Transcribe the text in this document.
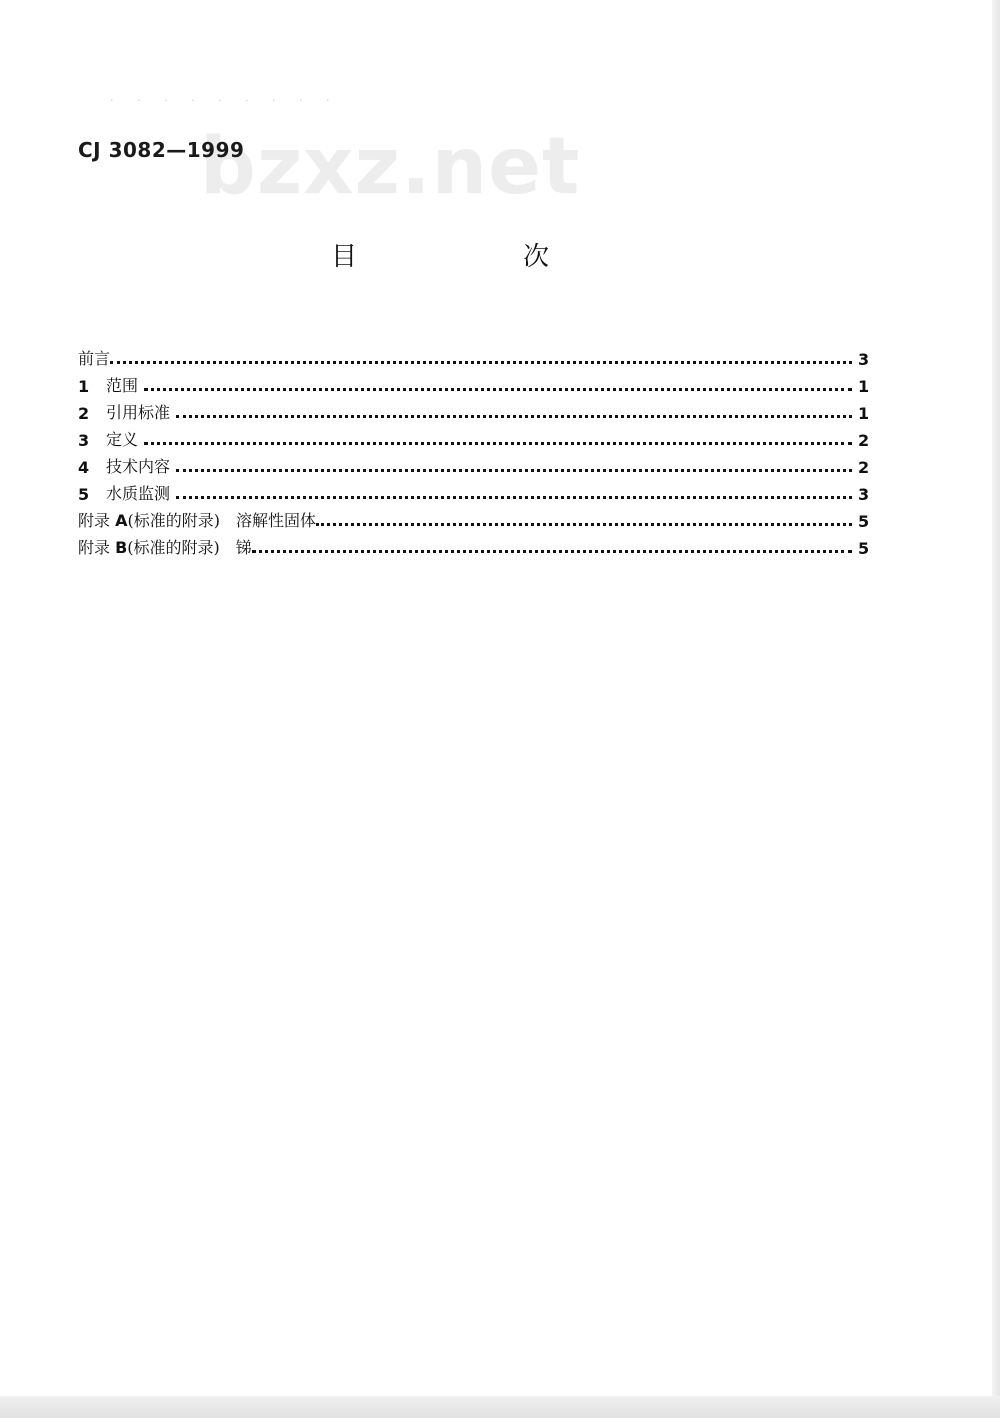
· · · · · · · · ·
bzxz.net
CJ 3082—1999
目　次
前言	3
1	范围	1
2	引用标准	1
3	定义	2
4	技术内容	2
5	水质监测	3
附录 A(标准的附录)　溶解性固体	5
附录 B(标准的附录)　锑	5
